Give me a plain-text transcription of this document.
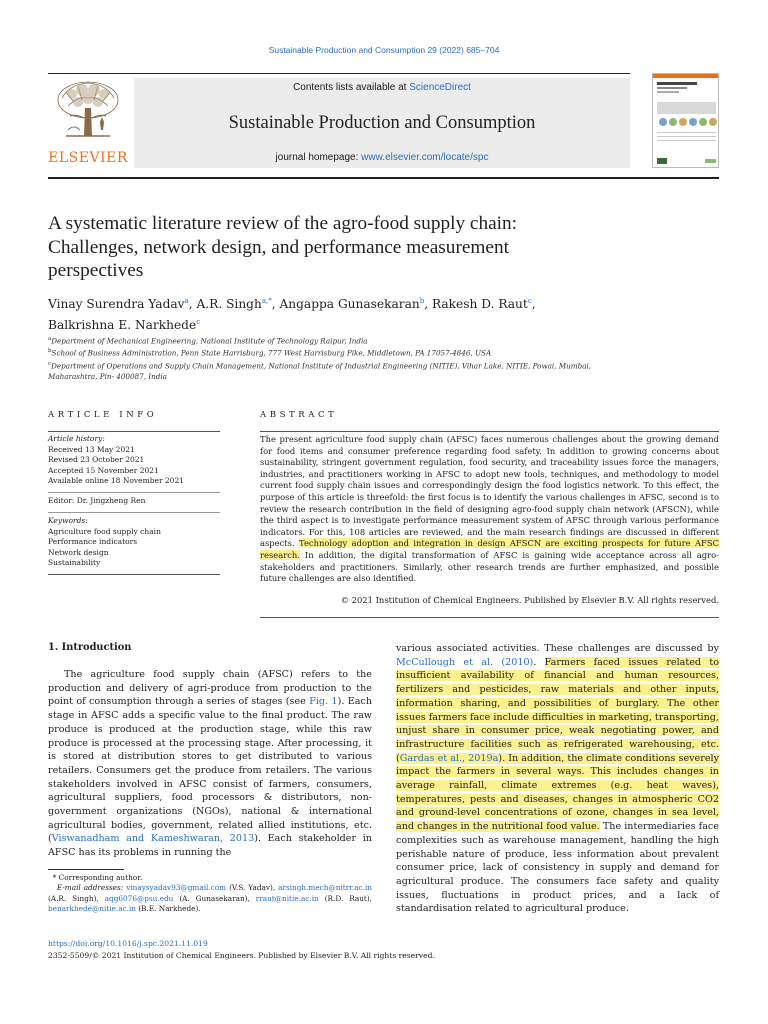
Sustainable Production and Consumption 29 (2022) 685–704
ELSEVIER
Contents lists available at ScienceDirect
Sustainable Production and Consumption
journal homepage: www.elsevier.com/locate/spc
A systematic literature review of the agro-food supply chain:
Challenges, network design, and performance measurement
perspectives
Vinay Surendra Yadav$^a$, A.R. Singh$^{a,*}$, Angappa Gunasekaran$^b$, Rakesh D. Raut$^c$,
Balkrishna E. Narkhede$^c$
$^a$Department of Mechanical Engineering, National Institute of Technology Raipur, India
$^b$School of Business Administration, Penn State Harrisburg, 777 West Harrisburg Pike, Middletown, PA 17057-4846, USA
$^c$Department of Operations and Supply Chain Management, National Institute of Industrial Engineering (NITIE), Vihar Lake, NITIE, Powai, Mumbai,
Maharashtra, Pin- 400087, India
ARTICLE INFO	ABSTRACT
Article history:
Received 13 May 2021
Revised 23 October 2021
Accepted 15 November 2021
Available online 18 November 2021
Editor: Dr. Jingzheng Ren
Keywords:
Agriculture food supply chain
Performance indicators
Network design
Sustainability
The present agriculture food supply chain (AFSC) faces numerous challenges about the growing demand for food items and consumer preference regarding food safety. In addition to growing concerns about sustainability, stringent government regulation, food security, and traceability issues force the managers, industries, and practitioners working in AFSC to adopt new tools, techniques, and methodology to model current food supply chain issues and correspondingly design the food logistics network. To this effect, the purpose of this article is threefold: the first focus is to identify the various challenges in AFSC, second is to review the research contribution in the field of designing agro-food supply chain network (AFSCN), while the third aspect is to investigate performance measurement system of AFSC through various performance indicators. For this, 108 articles are reviewed, and the main research findings are discussed in different aspects. Technology adoption and integration in design AFSCN are exciting prospects for future AFSC research. In addition, the digital transformation of AFSC is gaining wide acceptance across all agro-stakeholders and practitioners. Similarly, other research trends are further emphasized, and possible future challenges are also identified.
© 2021 Institution of Chemical Engineers. Published by Elsevier B.V. All rights reserved.
1. Introduction
The agriculture food supply chain (AFSC) refers to the production and delivery of agri-produce from production to the point of consumption through a series of stages (see Fig. 1). Each stage in AFSC adds a specific value to the final product. The raw produce is produced at the production stage, while this raw produce is processed at the processing stage. After processing, it is stored at distribution stores to get distributed to various retailers. Consumers get the produce from retailers. The various stakeholders involved in AFSC consist of farmers, consumers, agricultural suppliers, food processors & distributors, non-government organizations (NGOs), national & international agricultural bodies, government, related allied institutions, etc. (Viswanadham and Kameshwaran, 2013). Each stakeholder in AFSC has its problems in running the
various associated activities. These challenges are discussed by McCullough et al. (2010). Farmers faced issues related to insufficient availability of financial and human resources, fertilizers and pesticides, raw materials and other inputs, information sharing, and possibilities of burglary. The other issues farmers face include difficulties in marketing, transporting, unjust share in consumer price, weak negotiating power, and infrastructure facilities such as refrigerated warehousing, etc. (Gardas et al., 2019a). In addition, the climate conditions severely impact the farmers in several ways. This includes changes in average rainfall, climate extremes (e.g. heat waves), temperatures, pests and diseases, changes in atmospheric CO2 and ground-level concentrations of ozone, changes in sea level, and changes in the nutritional food value. The intermediaries face complexities such as warehouse management, handling the high perishable nature of produce, less information about prevalent consumer price, lack of consistency in supply and demand for agricultural produce. The consumers face safety and quality issues, fluctuations in product prices, and a lack of standardisation related to agricultural produce.
* Corresponding author.
E-mail addresses: vinaysyadav93@gmail.com (V.S. Yadav), arsingh.mech@nitrr.ac.in (A.R. Singh), aqg6076@psu.edu (A. Gunasekaran), rraut@nitie.ac.in (R.D. Raut), benarkhede@nitie.ac.in (B.E. Narkhede).
https://doi.org/10.1016/j.spc.2021.11.019
2352-5509/© 2021 Institution of Chemical Engineers. Published by Elsevier B.V. All rights reserved.
